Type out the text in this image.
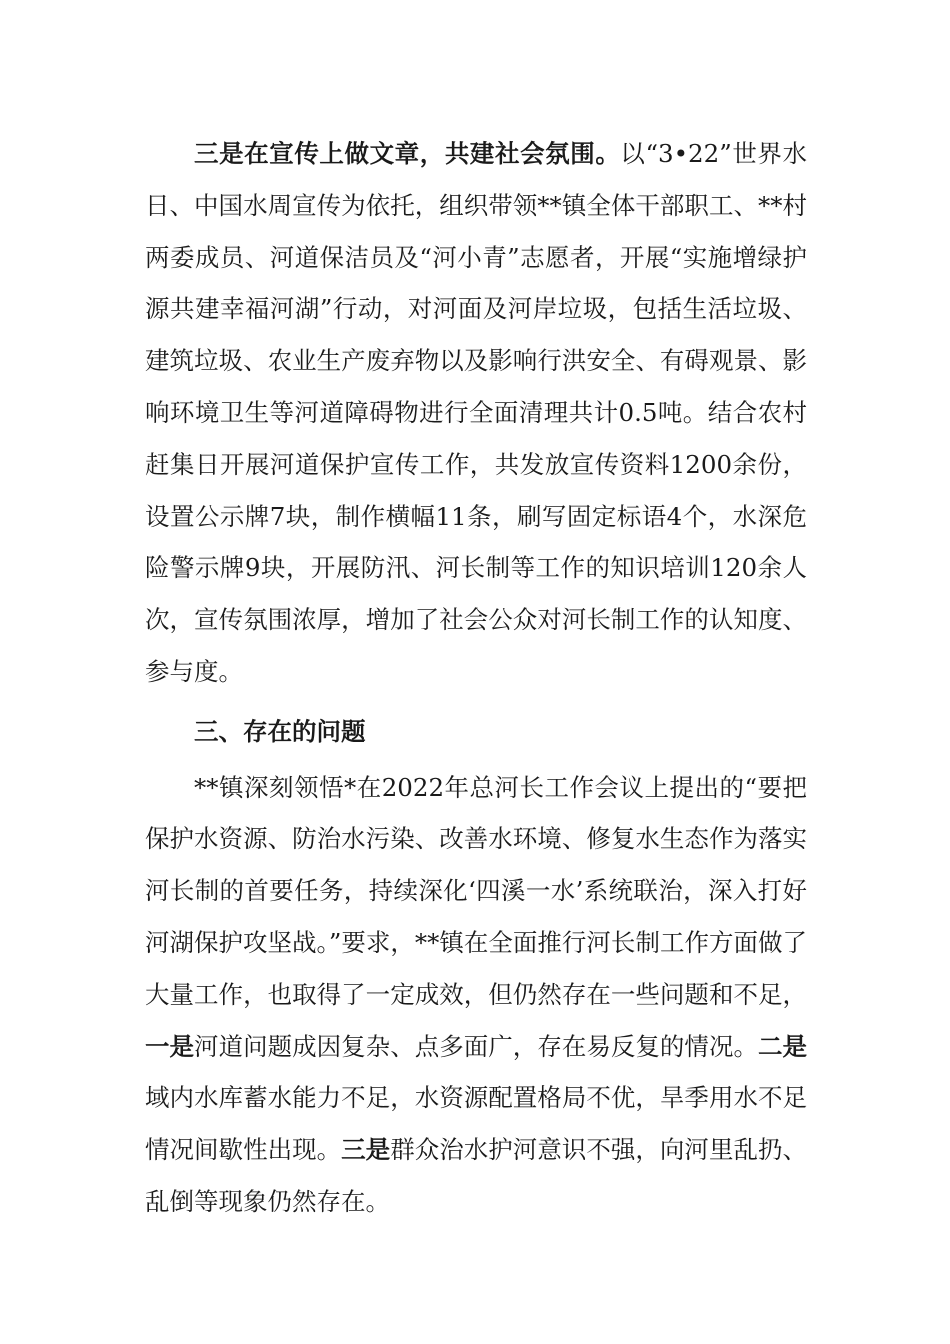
三是在宣传上做文章，共建社会氛围。以“3•22”世界水日、中国水周宣传为依托，组织带领**镇全体干部职工、**村两委成员、河道保洁员及“河小青”志愿者，开展“实施增绿护源共建幸福河湖”行动，对河面及河岸垃圾，包括生活垃圾、建筑垃圾、农业生产废弃物以及影响行洪安全、有碍观景、影响环境卫生等河道障碍物进行全面清理共计0.5吨。结合农村赶集日开展河道保护宣传工作，共发放宣传资料1200余份，设置公示牌7块，制作横幅11条，刷写固定标语4个，水深危险警示牌9块，开展防汛、河长制等工作的知识培训120余人次，宣传氛围浓厚，增加了社会公众对河长制工作的认知度、参与度。

三、存在的问题

**镇深刻领悟*在2022年总河长工作会议上提出的“要把保护水资源、防治水污染、改善水环境、修复水生态作为落实河长制的首要任务，持续深化‘四溪一水’系统联治，深入打好河湖保护攻坚战。”要求，**镇在全面推行河长制工作方面做了大量工作，也取得了一定成效，但仍然存在一些问题和不足，一是河道问题成因复杂、点多面广，存在易反复的情况。二是域内水库蓄水能力不足，水资源配置格局不优，旱季用水不足情况间歇性出现。三是群众治水护河意识不强，向河里乱扔、乱倒等现象仍然存在。
